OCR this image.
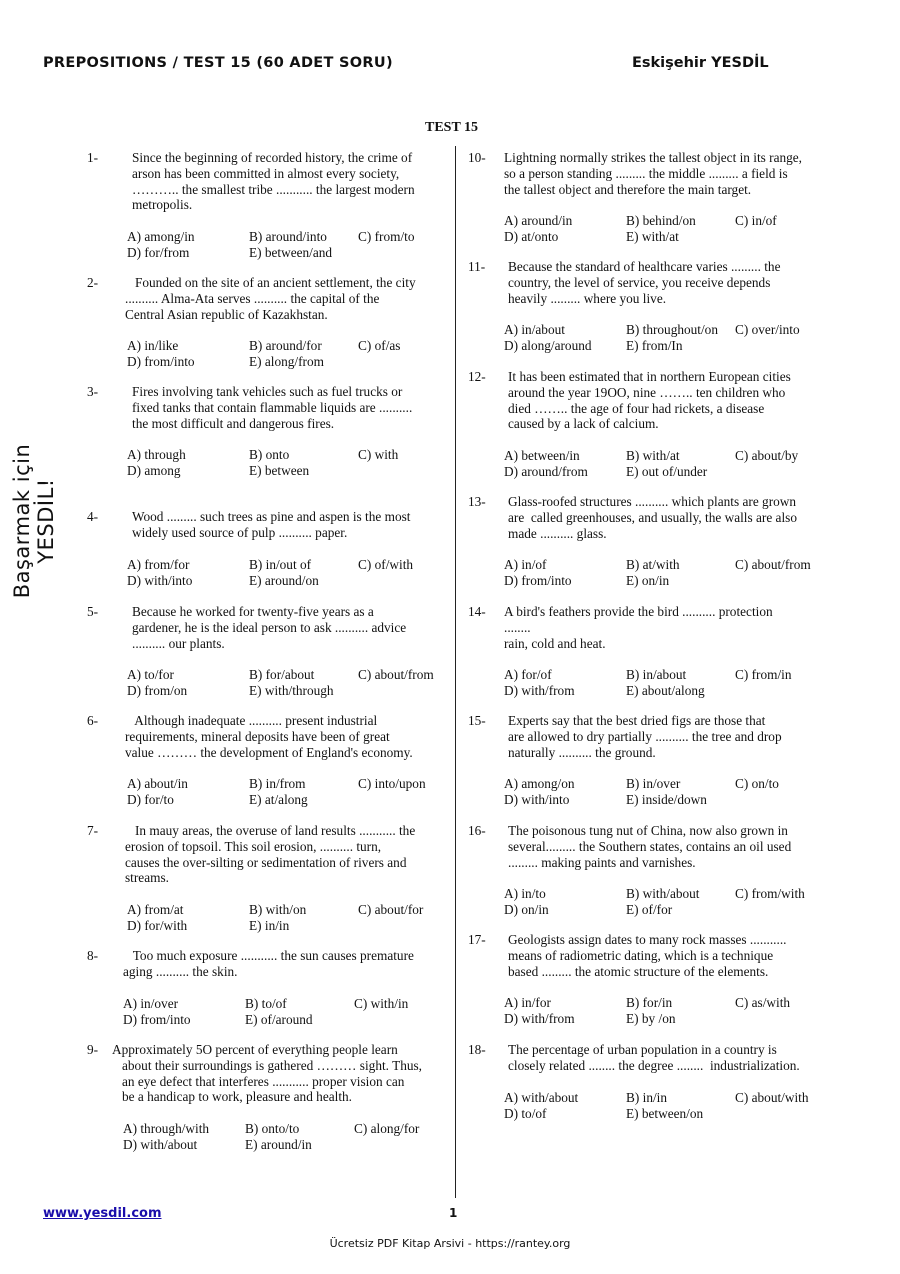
PREPOSITIONS / TEST 15 (60 ADET SORU)	Eskişehir YESDİL
TEST 15
Başarmak için YESDİL!
1-	Since the beginning of recorded history, the crime of
arson has been committed in almost every society,
……….. the smallest tribe ........... the largest modern
metropolis.
A) among/in	B) around/into C) from/to
D) for/from	E) between/and
2-	Founded on the site of an ancient settlement, the city
.......... Alma-Ata serves .......... the capital of the
Central Asian republic of Kazakhstan.
A) in/like	B) around/for	C) of/as
D) from/into	E) along/from
3-	Fires involving tank vehicles such as fuel trucks or
fixed tanks that contain flammable liquids are ..........
the most difficult and dangerous fires.
A) through	B) onto	C) with
D) among	E) between
4-	Wood ......... such trees as pine and aspen is the most
widely used source of pulp .......... paper.
A) from/for	B) in/out of	C) of/with
D) with/into	E) around/on
5-	Because he worked for twenty-five years as a
gardener, he is the ideal person to ask .......... advice
.......... our plants.
A) to/for	B) for/about	C) about/from
D) from/on	E) with/through
6-	Although inadequate .......... present industrial
requirements, mineral deposits have been of great
value ……… the development of England's economy.
A) about/in	B) in/from	C) into/upon
D) for/to	E) at/along
7-	In mauy areas, the overuse of land results ........... the
erosion of topsoil. This soil erosion, .......... turn,
causes the over-silting or sedimentation of rivers and
streams.
A) from/at	B) with/on	C) about/for
D) for/with	E) in/in
8-	Too much exposure ........... the sun causes premature
aging .......... the skin.
A) in/over	B) to/of	C) with/in
D) from/into	E) of/around
9- Approximately 5O percent of everything people learn
about their surroundings is gathered ……… sight. Thus,
an eye defect that interferes ........... proper vision can
be a handicap to work, pleasure and health.
A) through/with	B) onto/to	C) along/for
D) with/about	E) around/in
10- Lightning normally strikes the tallest object in its range,
so a person standing ......... the middle ......... a field is
the tallest object and therefore the main target.
A) around/in	B) behind/on	C) in/of
D) at/onto	E) with/at
11- Because the standard of healthcare varies ......... the
country, the level of service, you receive depends
heavily ......... where you live.
A) in/about	B) throughout/on C) over/into
D) along/around	E) from/In
12- It has been estimated that in northern European cities
around the year 19OO, nine …….. ten children who
died …….. the age of four had rickets, a disease
caused by a lack of calcium.
A) between/in	B) with/at	C) about/by
D) around/from	E) out of/under
13- Glass-roofed structures .......... which plants are grown
are  called greenhouses, and usually, the walls are also
made .......... glass.
A) in/of	B) at/with	C) about/from
D) from/into	E) on/in
14- A bird's feathers provide the bird .......... protection
........
rain, cold and heat.
A) for/of	B) in/about	C) from/in
D) with/from	E) about/along
15- Experts say that the best dried figs are those that
are allowed to dry partially .......... the tree and drop
naturally .......... the ground.
A) among/on	B) in/over	C) on/to
D) with/into	E) inside/down
16- The poisonous tung nut of China, now also grown in
several......... the Southern states, contains an oil used
......... making paints and varnishes.
A) in/to	B) with/about	C) from/with
D) on/in	E) of/for
17- Geologists assign dates to many rock masses ...........
means of radiometric dating, which is a technique
based ......... the atomic structure of the elements.
A) in/for	B) for/in	C) as/with
D) with/from	E) by /on
18- The percentage of urban population in a country is
closely related ........ the degree ........  industrialization.
A) with/about	B) in/in	C) about/with
D) to/of	E) between/on
www.yesdil.com	1
Ücretsiz PDF Kitap Arsivi - https://rantey.org
